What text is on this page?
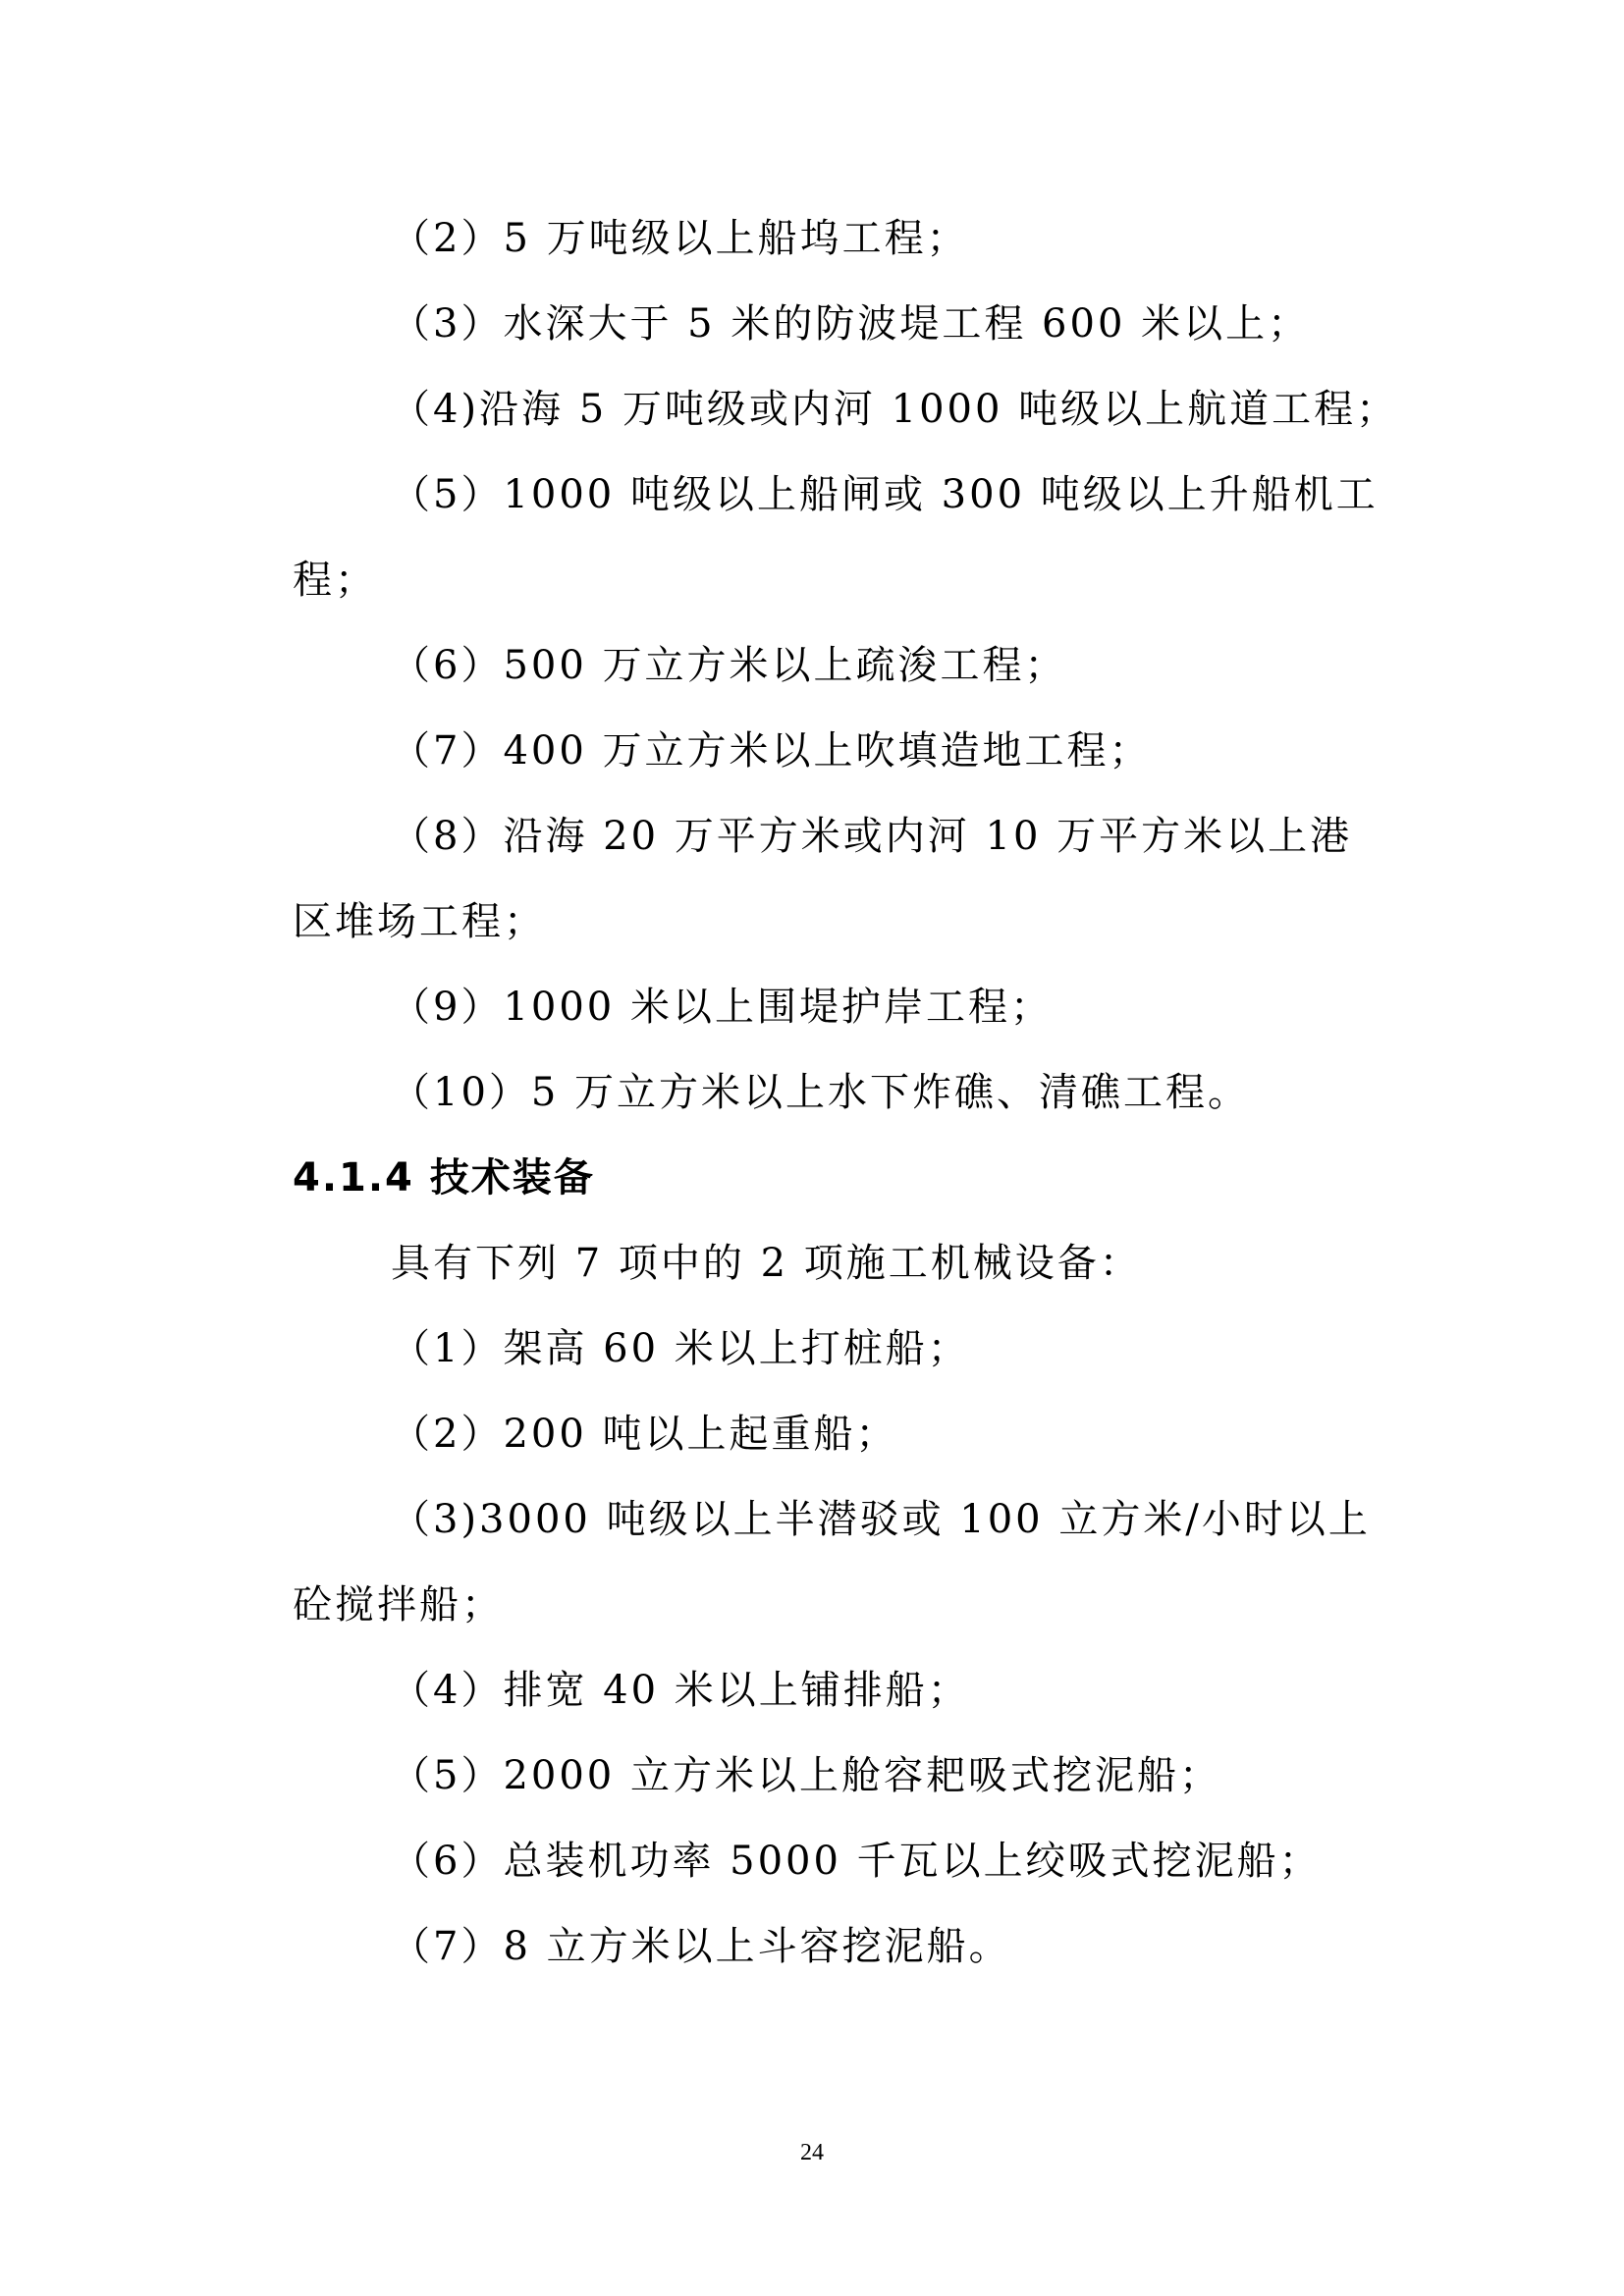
（2）5 万吨级以上船坞工程；
（3）水深大于 5 米的防波堤工程 600 米以上；
（4)沿海 5 万吨级或内河 1000 吨级以上航道工程；
（5）1000 吨级以上船闸或 300 吨级以上升船机工
程；
（6）500 万立方米以上疏浚工程；
（7）400 万立方米以上吹填造地工程；
（8）沿海 20 万平方米或内河 10 万平方米以上港
区堆场工程；
（9）1000 米以上围堤护岸工程；
（10）5 万立方米以上水下炸礁、清礁工程。
4.1.4 技术装备
具有下列 7 项中的 2 项施工机械设备：
（1）架高 60 米以上打桩船；
（2）200 吨以上起重船；
（3)3000 吨级以上半潜驳或 100 立方米/小时以上
砼搅拌船；
（4）排宽 40 米以上铺排船；
（5）2000 立方米以上舱容耙吸式挖泥船；
（6）总装机功率 5000 千瓦以上绞吸式挖泥船；
（7）8 立方米以上斗容挖泥船。
24
